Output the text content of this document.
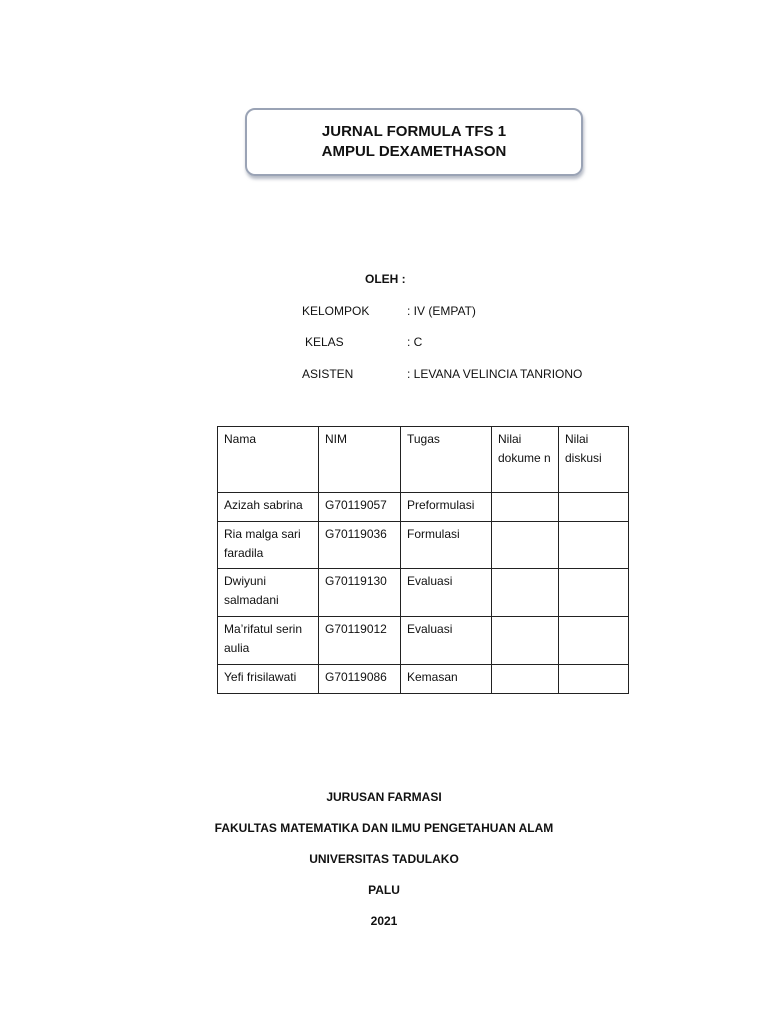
JURNAL FORMULA TFS 1
AMPUL DEXAMETHASON
OLEH :
KELOMPOK	: IV (EMPAT)
KELAS	: C
ASISTEN	: LEVANA VELINCIA TANRIONO
Nama	NIM	Tugas	Nilai dokume n	Nilai diskusi
Azizah sabrina	G70119057	Preformulasi		
Ria malga sari faradila	G70119036	Formulasi		
Dwiyuni salmadani	G70119130	Evaluasi		
Ma’rifatul serin aulia	G70119012	Evaluasi		
Yefi frisilawati	G70119086	Kemasan		
JURUSAN FARMASI
FAKULTAS MATEMATIKA DAN ILMU PENGETAHUAN ALAM
UNIVERSITAS TADULAKO
PALU
2021
